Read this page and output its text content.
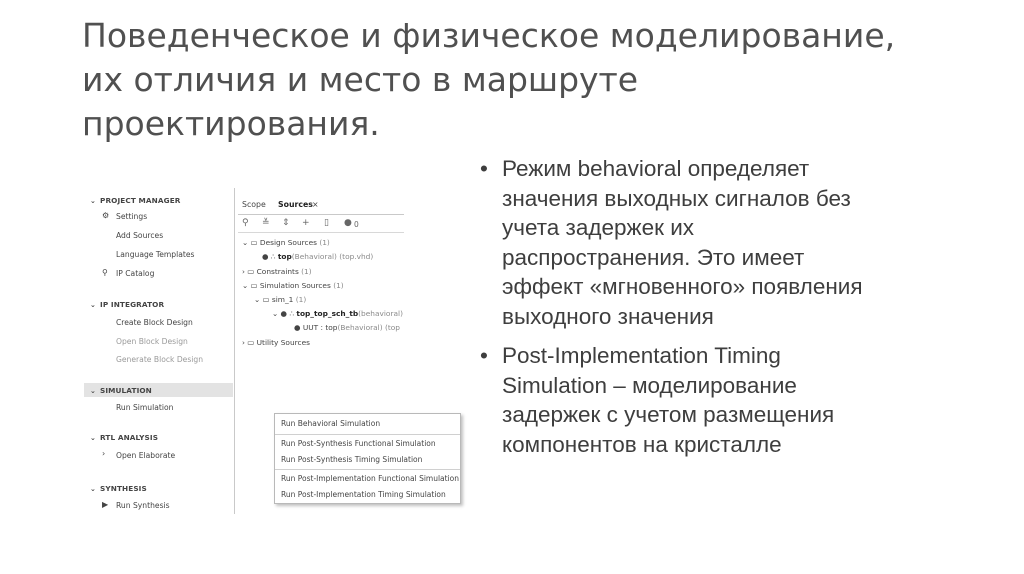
Поведенческое и физическое моделирование,
их отличия и место в маршруте
проектирования.
⌄ PROJECT MANAGER
⚙ Settings
Add Sources
Language Templates
⚲ IP Catalog
⌄ IP INTEGRATOR
Create Block Design
Open Block Design
Generate Block Design
⌄ SIMULATION
Run Simulation
⌄ RTL ANALYSIS
› Open Elaborate
⌄ SYNTHESIS
▶ Run Synthesis
Scope Sources ×
⚲ ≚ ⇕ + ▯ ● 0
⌄ ▭ Design Sources (1)
● ∴ top(Behavioral) (top.vhd)
› ▭ Constraints (1)
⌄ ▭ Simulation Sources (1)
⌄ ▭ sim_1 (1)
⌄ ● ∴ top_top_sch_tb(behavioral)
● UUT : top(Behavioral) (top
› ▭ Utility Sources
Run Behavioral Simulation
Run Post-Synthesis Functional Simulation
Run Post-Synthesis Timing Simulation
Run Post-Implementation Functional Simulation
Run Post-Implementation Timing Simulation
• Режим behavioral определяет
значения выходных сигналов без
учета задержек их
распространения. Это имеет
эффект «мгновенного» появления
выходного значения
• Post-Implementation Timing
Simulation – моделирование
задержек с учетом размещения
компонентов на кристалле
